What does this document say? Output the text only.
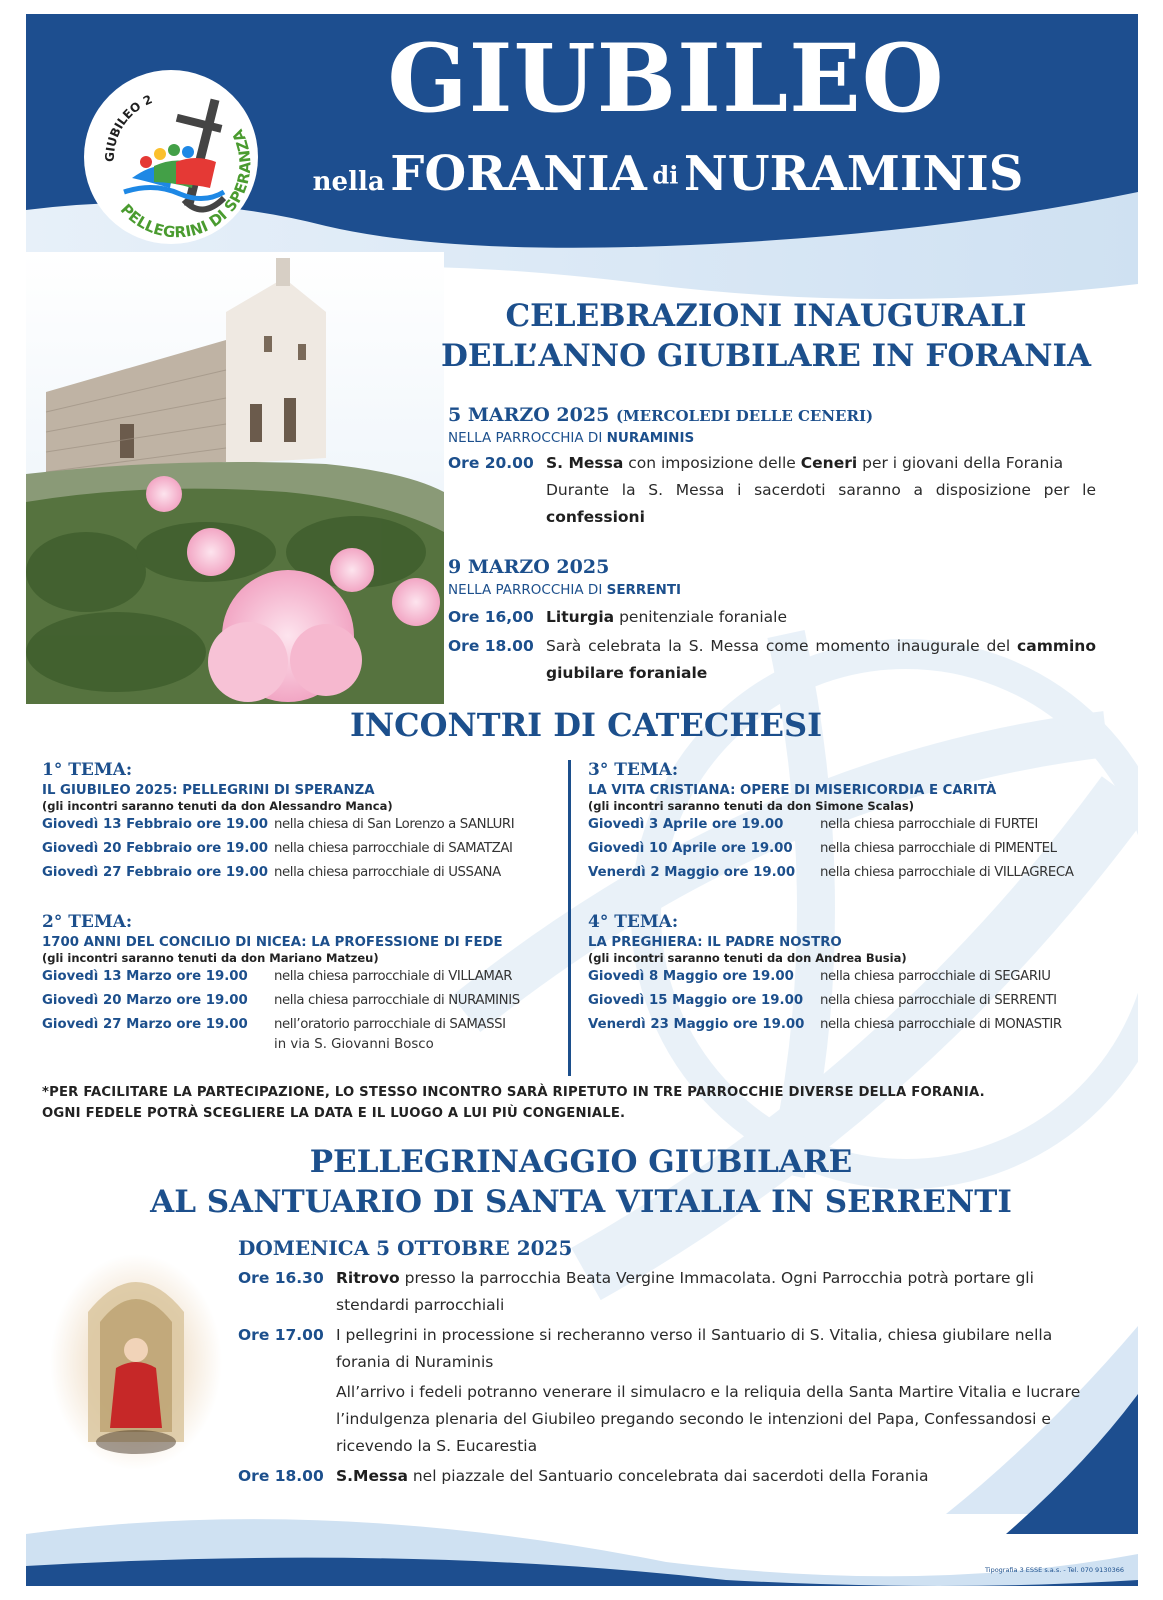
GIUBILEO 2
PELLEGRINI DI SPERANZA
GIUBILEO
nella FORANIA di NURAMINIS
CELEBRAZIONI INAUGURALI
DELL’ANNO GIUBILARE IN FORANIA
5 MARZO 2025 (MERCOLEDI DELLE CENERI)
NELLA PARROCCHIA DI NURAMINIS
Ore 20.00 S. Messa con imposizione delle Ceneri per i giovani della Forania
Durante la S. Messa i sacerdoti saranno a disposizione per le confessioni
9 MARZO 2025
NELLA PARROCCHIA DI SERRENTI
Ore 16,00 Liturgia penitenziale foraniale
Ore 18.00 Sarà celebrata la S. Messa come momento inaugurale del cammino giubilare foraniale
INCONTRI DI CATECHESI
1° TEMA:
IL GIUBILEO 2025: PELLEGRINI DI SPERANZA
(gli incontri saranno tenuti da don Alessandro Manca)
Giovedì 13 Febbraio ore 19.00 nella chiesa di San Lorenzo a SANLURI
Giovedì 20 Febbraio ore 19.00 nella chiesa parrocchiale di SAMATZAI
Giovedì 27 Febbraio ore 19.00 nella chiesa parrocchiale di USSANA
2° TEMA:
1700 ANNI DEL CONCILIO DI NICEA: LA PROFESSIONE DI FEDE
(gli incontri saranno tenuti da don Mariano Matzeu)
Giovedì 13 Marzo ore 19.00 nella chiesa parrocchiale di VILLAMAR
Giovedì 20 Marzo ore 19.00 nella chiesa parrocchiale di NURAMINIS
Giovedì 27 Marzo ore 19.00 nell’oratorio parrocchiale di SAMASSI
in via S. Giovanni Bosco
3° TEMA:
LA VITA CRISTIANA: OPERE DI MISERICORDIA E CARITÀ
(gli incontri saranno tenuti da don Simone Scalas)
Giovedì 3 Aprile ore 19.00	nella chiesa parrocchiale di FURTEI
Giovedì 10 Aprile ore 19.00 nella chiesa parrocchiale di PIMENTEL
Venerdì 2 Maggio ore 19.00 nella chiesa parrocchiale di VILLAGRECA
4° TEMA:
LA PREGHIERA: IL PADRE NOSTRO
(gli incontri saranno tenuti da don Andrea Busia)
Giovedì 8 Maggio ore 19.00 nella chiesa parrocchiale di SEGARIU
Giovedì 15 Maggio ore 19.00 nella chiesa parrocchiale di SERRENTI
Venerdì 23 Maggio ore 19.00 nella chiesa parrocchiale di MONASTIR
*PER FACILITARE LA PARTECIPAZIONE, LO STESSO INCONTRO SARÀ RIPETUTO IN TRE PARROCCHIE DIVERSE DELLA FORANIA.
OGNI FEDELE POTRÀ SCEGLIERE LA DATA E IL LUOGO A LUI PIÙ CONGENIALE.
PELLEGRINAGGIO GIUBILARE
AL SANTUARIO DI SANTA VITALIA IN SERRENTI
DOMENICA 5 OTTOBRE 2025
Ore 16.30 Ritrovo presso la parrocchia Beata Vergine Immacolata. Ogni Parrocchia potrà portare gli stendardi parrocchiali
Ore 17.00 I pellegrini in processione si recheranno verso il Santuario di S. Vitalia, chiesa giubilare nella forania di Nuraminis
All’arrivo i fedeli potranno venerare il simulacro e la reliquia della Santa Martire Vitalia e lucrare l’indulgenza plenaria del Giubileo pregando secondo le intenzioni del Papa, Confessandosi e ricevendo la S. Eucarestia
Ore 18.00 S.Messa nel piazzale del Santuario concelebrata dai sacerdoti della Forania
Tipografia 3 ESSE s.a.s. - Tel. 070 9130366
